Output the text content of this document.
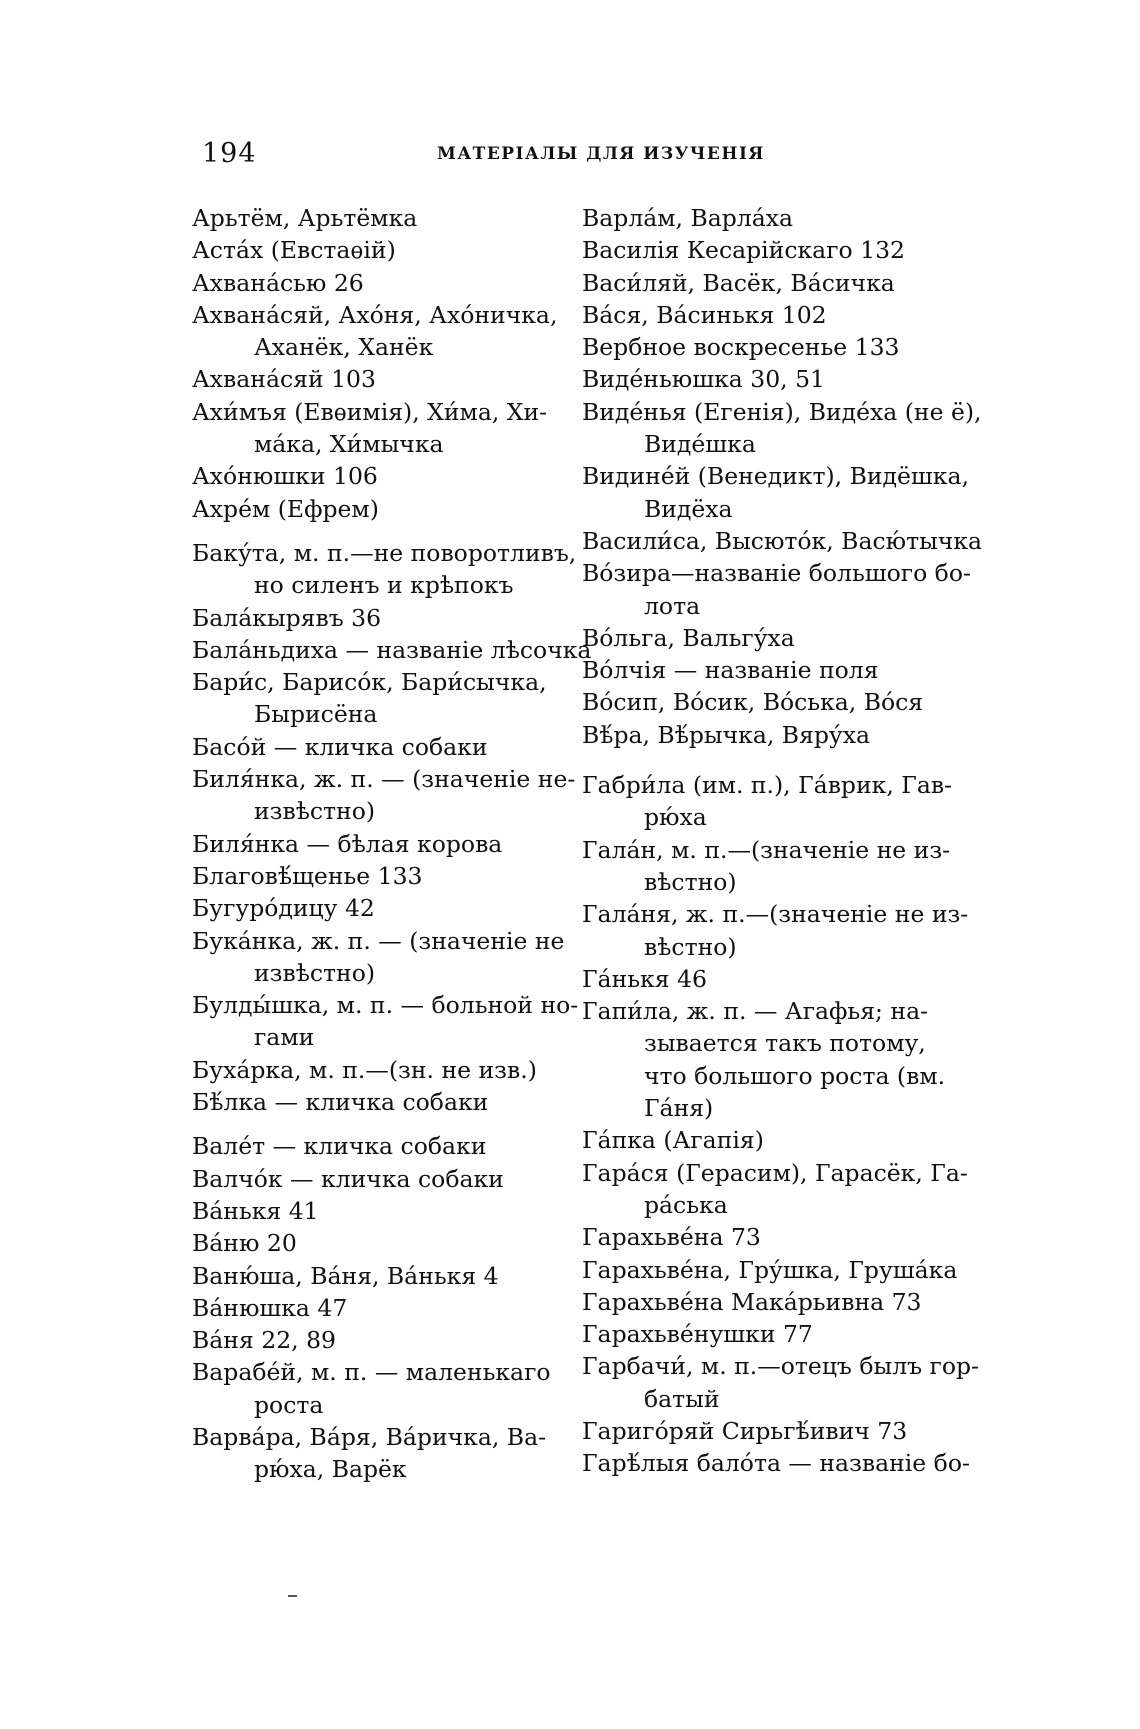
194	МАТЕРІАЛЫ ДЛЯ ИЗУЧЕНІЯ

Арьтём, Арьтёмка

Астáх (Евстаѳій)

Ахванáсью 26

Ахванáсяй, Ахóня, Ахóничка,
Аханёк, Ханёк

Ахванáсяй 103

Ахи́мъя (Евѳимія), Хи́ма, Хи-
мáка, Хи́мычка

Ахóнюшки 106

Ахрéм (Ефрем)

Баку́та, м. п.—не поворотливъ,
но силенъ и крѣпокъ

Балáкырявъ 36

Балáньдиха — названіе лѣсочка

Бари́с, Барисóк, Бари́сычка,
Бырисёна

Басóй — кличка собаки

Биля́нка, ж. п. — (значеніе не-
извѣстно)

Биля́нка — бѣлая корова

Благовѣ́щенье 133

Бугурóдицу 42

Букáнка, ж. п. — (значеніе не
извѣстно)

Булды́шка, м. п. — больной но-
гами

Бухáрка, м. п.—(зн. не изв.)

Бѣ́лка — кличка собаки

Валéт — кличка собаки

Валчóк — кличка собаки

Вáнькя 41

Вáню 20

Ваню́ша, Вáня, Вáнькя 4

Вáнюшка 47

Вáня 22, 89

Варабéй, м. п. — маленькаго
роста

Варвáра, Вáря, Вáричка, Ва-
рю́ха, Варёк

Варлáм, Варлáха

Василія Кесарійскаго 132

Васи́ляй, Васёк, Вáсичка

Вáся, Вáсинькя 102

Вербное воскресенье 133

Видéньюшка 30, 51

Видéнья (Егенія), Видéха (не ё),
Видéшка

Видинéй (Венедикт), Видёшка,
Видёха

Васили́са, Высютóк, Васю́тычка

Вóзира—названіе большого бо-
лота

Вóльга, Вальгу́ха

Вóлчія — названіе поля

Вóсип, Вóсик, Вóська, Вóся

Вѣ́ра, Вѣ́рычка, Вяру́ха

Габри́ла (им. п.), Гáврик, Гав-
рю́ха

Галáн, м. п.—(значеніе не из-
вѣстно)

Галáня, ж. п.—(значеніе не из-
вѣстно)

Гáнькя 46

Гапи́ла, ж. п. — Агафья; на-
зывается такъ потому,
что большого роста (вм.
Гáня)

Гáпка (Агапія)

Гарáся (Герасим), Гарасёк, Га-
рáська

Гарахьвéна 73

Гарахьвéна, Гру́шка, Грушáка

Гарахьвéна Макáрьивна 73

Гарахьвéнушки 77

Гарбачи́, м. п.—отецъ былъ гор-
батый

Гаригóряй Сирьгѣ́ивич 73

Гарѣ́лыя балóта — названіе бо-
